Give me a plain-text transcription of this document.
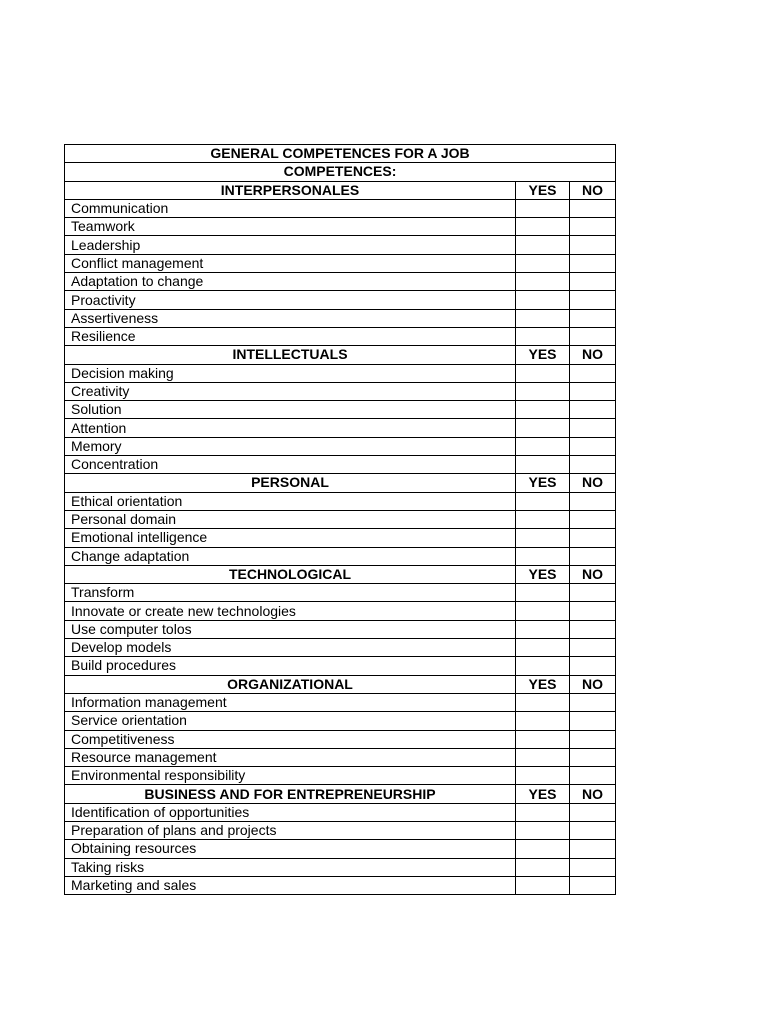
GENERAL COMPETENCES FOR A JOB		
COMPETENCES:		
INTERPERSONALES	YES	NO
Communication		
Teamwork		
Leadership		
Conflict management		
Adaptation to change		
Proactivity		
Assertiveness		
Resilience		
INTELLECTUALS	YES	NO
Decision making		
Creativity		
Solution		
Attention		
Memory		
Concentration		
PERSONAL	YES	NO
Ethical orientation		
Personal domain		
Emotional intelligence		
Change adaptation		
TECHNOLOGICAL	YES	NO
Transform		
Innovate or create new technologies		
Use computer tolos		
Develop models		
Build procedures		
ORGANIZATIONAL	YES	NO
Information management		
Service orientation		
Competitiveness		
Resource management		
Environmental responsibility		
BUSINESS AND FOR ENTREPRENEURSHIP	YES	NO
Identification of opportunities		
Preparation of plans and projects		
Obtaining resources		
Taking risks		
Marketing and sales		
